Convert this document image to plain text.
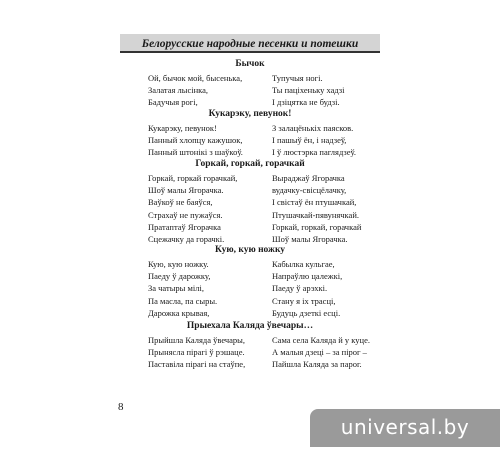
Белорусские народные песенки и потешки
Бычок
Ой, бычок мой, бысенька,
Залатая лысінка,
Бадучыя рогі,
Тупучыя ногі.
Ты паціхеньку хадзі
І дзіцятка не будзі.
Кукарэку, певунок!
Кукарэку, певунок!
Панный хлопцу кажушок,
Панный штонікі з шаўкоў.
З залацёнькіх паясков.
І пашыў ён, і надзеў,
І ў люстэрка паглядзеў.
Горкай, горкай, горачкай
Горкай, горкай горачкай,
Шоў малы Ягорачка.
Ваўкоў не баяўся,
Страхаў не пужаўся.
Пратаптаў Ягорачка
Сцежачку да горачкі.
Выраджаў Ягорачка
вудачку-свісцёлачку,
І свістаў ён птушачкай,
Птушачкай-пявунячкай.
Горкай, горкай, горачкай
Шоў малы Ягорачка.
Кую, кую ножку
Кую, кую ножку.
Паеду ў дарожку,
За чатыры мілі,
Па масла, па сыры.
Дарожка крывая,
Кабылка кульгае,
Напраўлю цалежкі,
Паеду ў арэхкі.
Стану я іх трасці,
Будуць дзеткі есці.
Прыехала Каляда ўвечары…
Прыйшла Каляда ўвечары,
Прынясла пірагі ў рэшаце.
Паставіла пірагі на стаўпе,
Сама села Каляда й у куце.
А малыя дзеці – за пірог –
Пайшла Каляда за парог.
8
universal.by
